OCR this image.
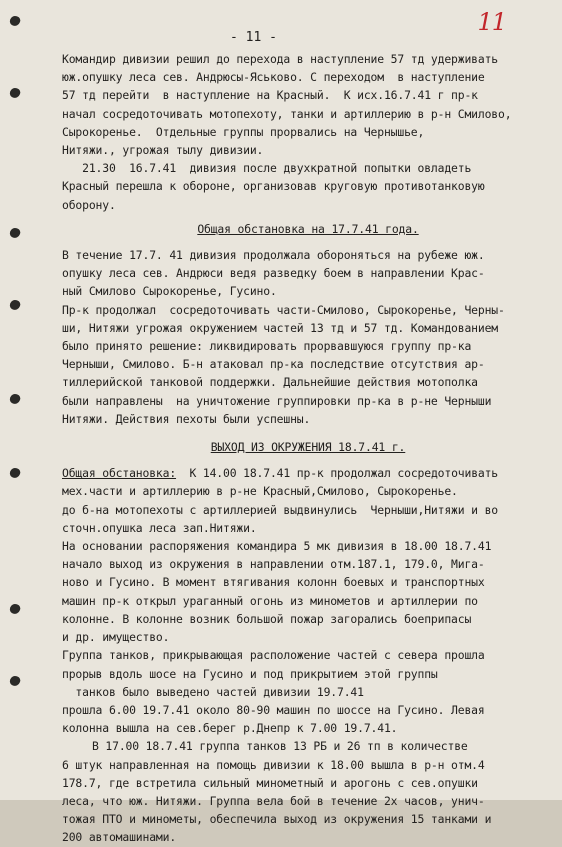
11
- 11 -
Командир дивизии решил до перехода в наступление 57 тд удерживать
юж.опушку леса сев. Андрюсы-Яськово. С переходом  в наступление
57 тд перейти  в наступление на Красный.  К исх.16.7.41 г пр-к
начал сосредоточивать мотопехоту, танки и артиллерию в р-н Смилово,
Сырокоренье.  Отдельные группы прорвались на Чернышье,
Нитяжи., угрожая тылу дивизии.
21.30  16.7.41  дивизия после двухкратной попытки овладеть
Красный перешла к обороне, организовав круговую противотанковую
оборону.
Общая обстановка на 17.7.41 года.
В течение 17.7. 41 дивизия продолжала обороняться на рубеже юж.
опушку леса сев. Андрюси ведя разведку боем в направлении Крас-
ный Смилово Сырокоренье, Гусино.
Пр-к продолжал  сосредоточивать части-Смилово, Сырокоренье, Черны-
ши, Нитяжи угрожая окружением частей 13 тд и 57 тд. Командованием
было принято решение: ликвидировать прорвавшуюся группу пр-ка
Черныши, Смилово. Б-н атаковал пр-ка последствие отсутствия ар-
тиллерийской танковой поддержки. Дальнейшие действия мотополка
были направлены  на уничтожение группировки пр-ка в р-не Черныши
Нитяжи. Действия пехоты были успешны.
ВЫХОД ИЗ ОКРУЖЕНИЯ 18.7.41 г.
Общая обстановка:  К 14.00 18.7.41 пр-к продолжал сосредоточивать
мех.части и артиллерию в р-не Красный,Смилово, Сырокоренье.
до б-на мотопехоты с артиллерией выдвинулись  Черныши,Нитяжи и во
сточн.опушка леса зап.Нитяжи.
На основании распоряжения командира 5 мк дивизия в 18.00 18.7.41
начало выход из окружения в направлении отм.187.1, 179.0, Мига-
ново и Гусино. В момент втягивания колонн боевых и транспортных
машин пр-к открыл ураганный огонь из минометов и артиллерии по
колонне. В колонне возник большой пожар загорались боеприпасы
и др. имущество.
Группа танков, прикрывающая расположение частей с севера прошла
прорыв вдоль шосе на Гусино и под прикрытием этой группы
танков было выведено частей дивизии 19.7.41
прошла 6.00 19.7.41 около 80-90 машин по шоссе на Гусино. Левая
колонна вышла на сев.берег р.Днепр к 7.00 19.7.41.
В 17.00 18.7.41 группа танков 13 РБ и 26 тп в количестве
6 штук направленная на помощь дивизии к 18.00 вышла в р-н отм.4
178.7, где встретила сильный минометный и арогонь с сев.опушки
леса, что юж. Нитяжи. Группа вела бой в течение 2х часов, унич-
тожая ПТО и минометы, обеспечила выход из окружения 15 танками и
200 автомашинами.
